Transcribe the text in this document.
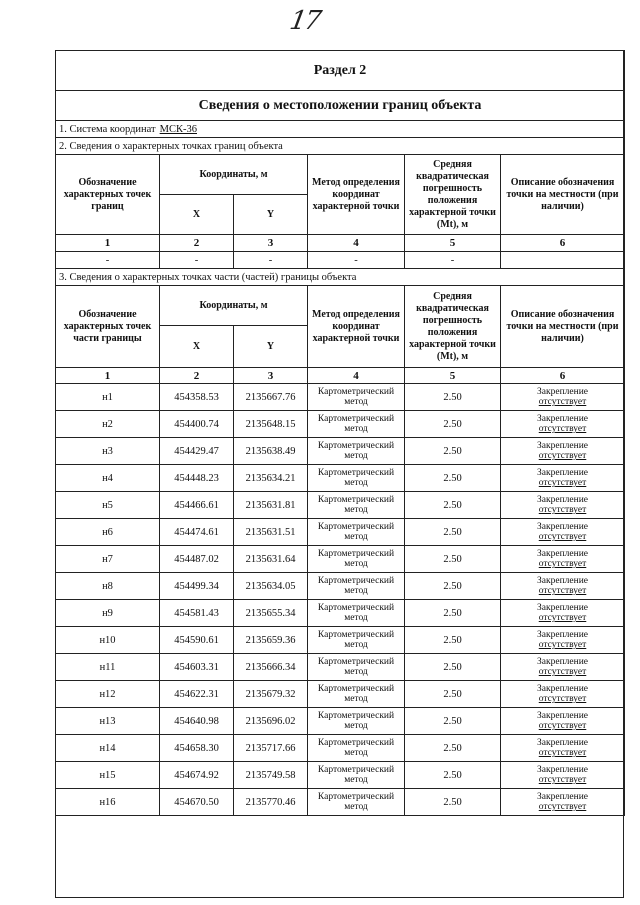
17
Раздел 2
Сведения о местоположении границ объекта
1. Система координат МСК-36					
2. Сведения о характерных точках границ объекта					
Обозначение характерных точек границ	Координаты, м		Метод определения координат характерной точки	Средняя квадратическая погрешность положения характерной точки (Mt), м	Описание обозначения точки на местности (при наличии)
	X	Y			
1	2	3	4	5	6
-	-	-	-	-	
3. Сведения о характерных точках части (частей) границы объекта					
Обозначение характерных точек части границы	Координаты, м		Метод определения координат характерной точки	Средняя квадратическая погрешность положения характерной точки (Mt), м	Описание обозначения точки на местности (при наличии)
	X	Y			
1	2	3	4	5	6
н1	454358.53	2135667.76	Картометрический метод	2.50	Закрепление
отсутствует

н2	454400.74	2135648.15	Картометрический метод	2.50	Закрепление
отсутствует

н3	454429.47	2135638.49	Картометрический метод	2.50	Закрепление
отсутствует

н4	454448.23	2135634.21	Картометрический метод	2.50	Закрепление
отсутствует

н5	454466.61	2135631.81	Картометрический метод	2.50	Закрепление
отсутствует

н6	454474.61	2135631.51	Картометрический метод	2.50	Закрепление
отсутствует

н7	454487.02	2135631.64	Картометрический метод	2.50	Закрепление
отсутствует

н8	454499.34	2135634.05	Картометрический метод	2.50	Закрепление
отсутствует

н9	454581.43	2135655.34	Картометрический метод	2.50	Закрепление
отсутствует

н10	454590.61	2135659.36	Картометрический метод	2.50	Закрепление
отсутствует

н11	454603.31	2135666.34	Картометрический метод	2.50	Закрепление
отсутствует

н12	454622.31	2135679.32	Картометрический метод	2.50	Закрепление
отсутствует

н13	454640.98	2135696.02	Картометрический метод	2.50	Закрепление
отсутствует

н14	454658.30	2135717.66	Картометрический метод	2.50	Закрепление
отсутствует

н15	454674.92	2135749.58	Картометрический метод	2.50	Закрепление
отсутствует

н16	454670.50	2135770.46	Картометрический метод	2.50	Закрепление
отсутствует
